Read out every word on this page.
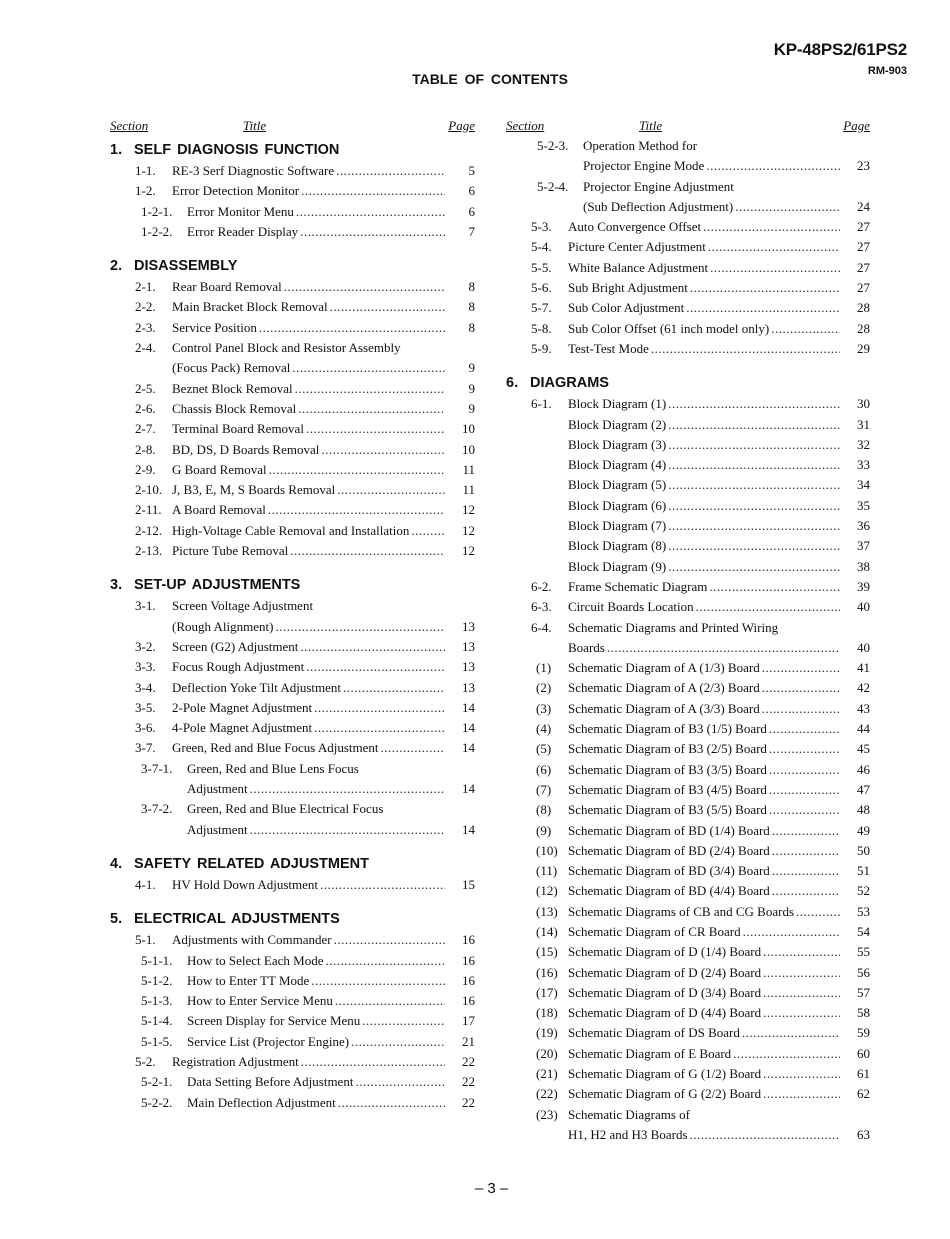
KP-48PS2/61PS2
RM-903
TABLE OF CONTENTS
Section	Title	Page
1. SELF DIAGNOSIS FUNCTION
1-1. RE-3 Serf Diagnostic Software .....	5
1-2. Error Detection Monitor .....	6
1-2-1. Error Monitor Menu .....	6
1-2-2. Error Reader Display .....	7
2. DISASSEMBLY
2-1. Rear Board Removal .....	8
2-2. Main Bracket Block Removal .....	8
2-3. Service Position .....	8
2-4. Control Panel Block and Resistor Assembly
(Focus Pack) Removal .....	9
2-5. Beznet Block Removal .....	9
2-6. Chassis Block Removal .....	9
2-7. Terminal Board Removal .....	10
2-8. BD, DS, D Boards Removal .....	10
2-9. G Board Removal .....	11
2-10. J, B3, E, M, S Boards Removal .....	11
2-11. A Board Removal .....	12
2-12. High-Voltage Cable Removal and Installation .....	12
2-13. Picture Tube Removal .....	12
3. SET-UP ADJUSTMENTS
3-1. Screen Voltage Adjustment
(Rough Alignment) .....	13
3-2. Screen (G2) Adjustment .....	13
3-3. Focus Rough Adjustment .....	13
3-4. Deflection Yoke Tilt Adjustment .....	13
3-5. 2-Pole Magnet Adjustment .....	14
3-6. 4-Pole Magnet Adjustment .....	14
3-7. Green, Red and Blue Focus Adjustment .....	14
3-7-1. Green, Red and Blue Lens Focus
Adjustment .....	14
3-7-2. Green, Red and Blue Electrical Focus
Adjustment .....	14
4. SAFETY RELATED ADJUSTMENT
4-1. HV Hold Down Adjustment .....	15
5. ELECTRICAL ADJUSTMENTS
5-1. Adjustments with Commander .....	16
5-1-1. How to Select Each Mode .....	16
5-1-2. How to Enter TT Mode .....	16
5-1-3. How to Enter Service Menu .....	16
5-1-4. Screen Display for Service Menu .....	17
5-1-5. Service List (Projector Engine) .....	21
5-2. Registration Adjustment .....	22
5-2-1. Data Setting Before Adjustment .....	22
5-2-2. Main Deflection Adjustment .....	22
Section	Title	Page
5-2-3. Operation Method for
Projector Engine Mode .....	23
5-2-4. Projector Engine Adjustment
(Sub Deflection Adjustment) .....	24
5-3. Auto Convergence Offset .....	27
5-4. Picture Center Adjustment .....	27
5-5. White Balance Adjustment .....	27
5-6. Sub Bright Adjustment .....	27
5-7. Sub Color Adjustment .....	28
5-8. Sub Color Offset (61 inch model only) .....	28
5-9. Test-Test Mode .....	29
6. DIAGRAMS
6-1. Block Diagram (1) .....	30
Block Diagram (2) .....	31
Block Diagram (3) .....	32
Block Diagram (4) .....	33
Block Diagram (5) .....	34
Block Diagram (6) .....	35
Block Diagram (7) .....	36
Block Diagram (8) .....	37
Block Diagram (9) .....	38
6-2. Frame Schematic Diagram .....	39
6-3. Circuit Boards Location .....	40
6-4. Schematic Diagrams and Printed Wiring
Boards .....	40
(1) Schematic Diagram of A (1/3) Board .....	41
(2) Schematic Diagram of A (2/3) Board .....	42
(3) Schematic Diagram of A (3/3) Board .....	43
(4) Schematic Diagram of B3 (1/5) Board .....	44
(5) Schematic Diagram of B3 (2/5) Board .....	45
(6) Schematic Diagram of B3 (3/5) Board .....	46
(7) Schematic Diagram of B3 (4/5) Board .....	47
(8) Schematic Diagram of B3 (5/5) Board .....	48
(9) Schematic Diagram of BD (1/4) Board .....	49
(10) Schematic Diagram of BD (2/4) Board .....	50
(11) Schematic Diagram of BD (3/4) Board .....	51
(12) Schematic Diagram of BD (4/4) Board .....	52
(13) Schematic Diagrams of CB and CG Boards .....	53
(14) Schematic Diagram of CR Board .....	54
(15) Schematic Diagram of D (1/4) Board .....	55
(16) Schematic Diagram of D (2/4) Board .....	56
(17) Schematic Diagram of D (3/4) Board .....	57
(18) Schematic Diagram of D (4/4) Board .....	58
(19) Schematic Diagram of DS Board .....	59
(20) Schematic Diagram of E Board .....	60
(21) Schematic Diagram of G (1/2) Board .....	61
(22) Schematic Diagram of G (2/2) Board .....	62
(23) Schematic Diagrams of
H1, H2 and H3 Boards .....	63
– 3 –
